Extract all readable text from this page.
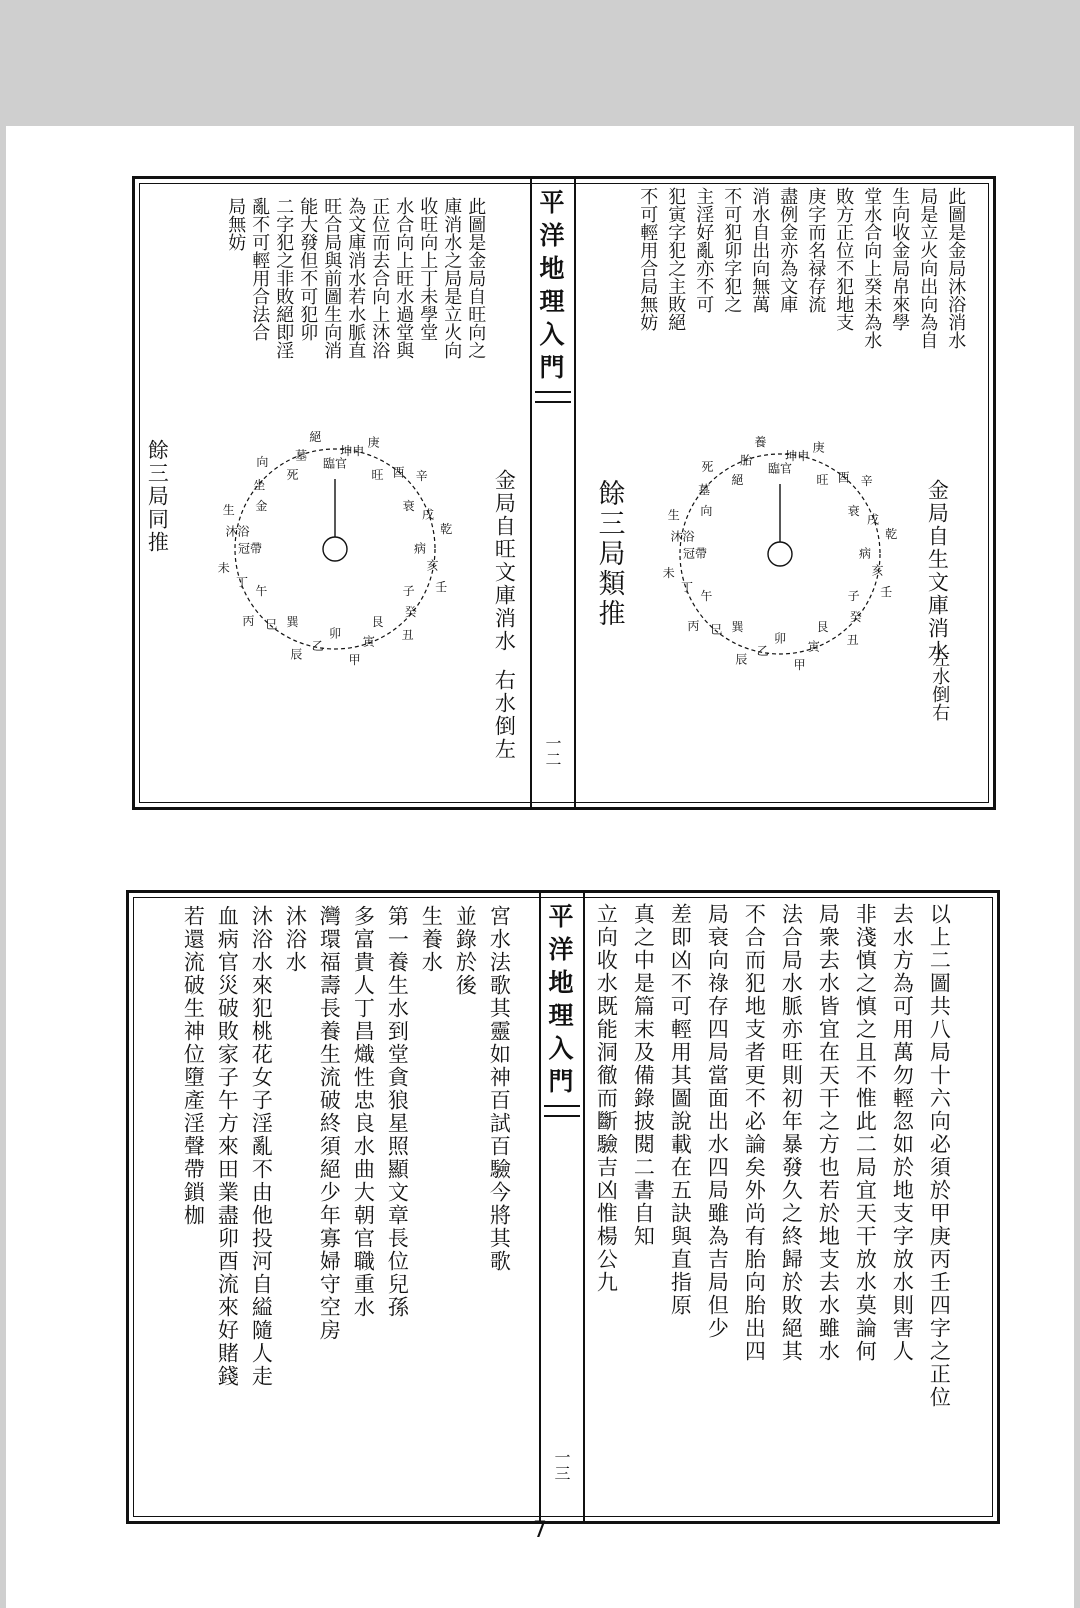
此圖是金局沐浴消水
局是立火向出向為自
生向收金局帛來學
堂水合向上癸未為水
敗方正位不犯地支
庚字而名禄存流
盡例金亦為文庫
消水自出向無萬
不可犯卯字犯之
主淫好亂亦不可
犯寅字犯之主敗絕
不可輕用合局無妨
金局自生文庫消水
左水倒右
餘三局類推
臨官
坤申
庚
旺 酉 辛
衰
戌
乾
病
亥
壬
子
癸
丑
艮
寅
甲
卯
乙
辰
巽
巳
丙
午
丁
未
冠帶
沐浴
生 向
墓
死
絕
胎
養
平洋地理入門
一二
此圖是金局自旺向之
庫消水之局是立火向
收旺向上丁未學堂
水合向上旺水過堂與
正位而去合向上沐浴
為文庫消水若水脈直
旺合局與前圖生向消
能大發但不可犯卯
二字犯之非敗絕即淫
亂不可輕用合法合
局無妨
金局自旺文庫消水
右水倒左
餘三局同推	臨官
坤申
庚
旺 酉 辛
衰
戌
乾
病
亥
壬
子
癸
丑
艮
寅
甲
卯
乙
辰
巽
巳
丙
午
丁
未
冠帶
沐浴
生 金
坐
向
死
墓
絕
以上二圖共八局十六向必須於甲庚丙壬四字之正位
去水方為可用萬勿輕忽如於地支字放水則害人
非淺慎之慎之且不惟此二局宜天干放水莫論何
局衆去水皆宜在天干之方也若於地支去水雖水
法合局水脈亦旺則初年暴發久之終歸於敗絕其
不合而犯地支者更不必論矣外尚有胎向胎出四
局衰向祿存四局當面出水四局雖為吉局但少
差即凶不可輕用其圖說載在五訣與直指原
真之中是篇末及備錄披閱二書自知
立向收水既能洞徹而斷驗吉凶惟楊公九
平洋地理入門
一三
宮水法歌其靈如神百試百驗今將其歌
並錄於後
生養水
第一養生水到堂貪狼星照顯文章長位兒孫
多富貴人丁昌熾性忠良水曲大朝官職重水
灣環福壽長養生流破終須絕少年寡婦守空房
沐浴水
沐浴水來犯桃花女子淫亂不由他投河自縊隨人走
血病官災破敗家子午方來田業盡卯酉流來好賭錢
若還流破生神位墮產淫聲帶鎖枷
7
